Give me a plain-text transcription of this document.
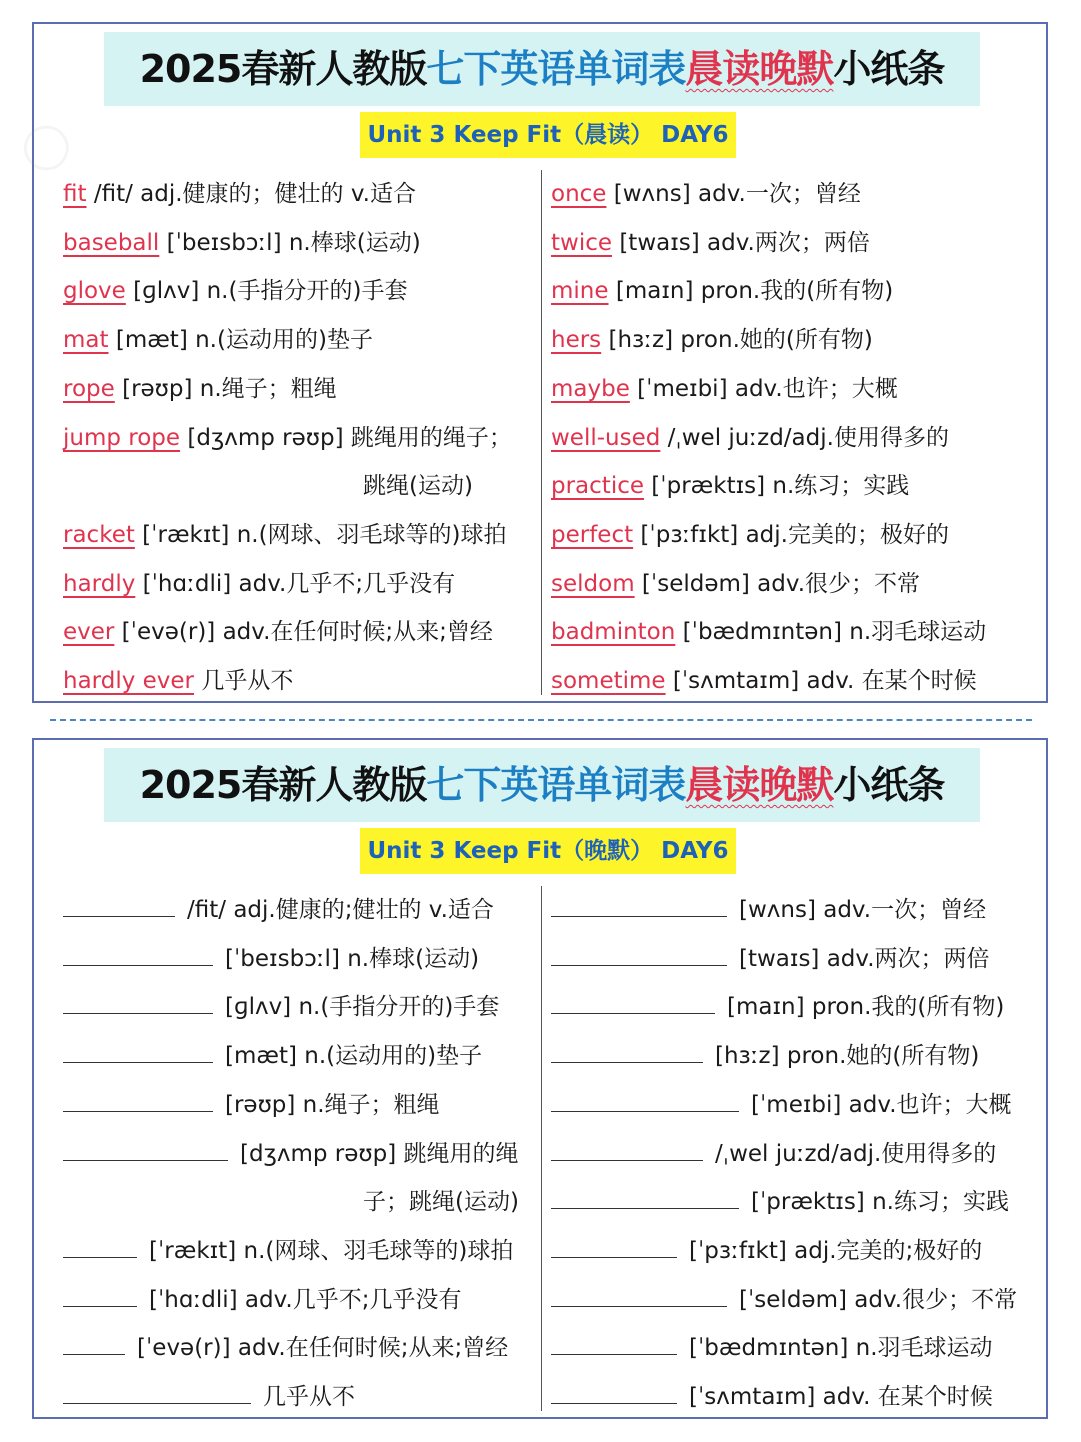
2025春新人教版七下英语单词表晨读晚默小纸条
Unit 3 Keep Fit（晨读） DAY6
fit /fit/ adj.健康的；健壮的 v.适合
baseball [ˈbeɪsbɔːl] n.棒球(运动)
glove [ɡlʌv] n.(手指分开的)手套
mat [mæt] n.(运动用的)垫子
rope [rəʊp] n.绳子；粗绳
jump rope [dʒʌmp rəʊp] 跳绳用的绳子；
跳绳(运动)
racket [ˈrækɪt] n.(网球、羽毛球等的)球拍
hardly [ˈhɑːdli] adv.几乎不;几乎没有
ever [ˈevə(r)] adv.在任何时候;从来;曾经
hardly ever 几乎从不
once [wʌns] adv.一次；曾经
twice [twaɪs] adv.两次；两倍
mine [maɪn] pron.我的(所有物)
hers [hɜːz] pron.她的(所有物)
maybe [ˈmeɪbi] adv.也许；大概
well-used /ˌwel juːzd/adj.使用得多的
practice [ˈpræktɪs] n.练习；实践
perfect [ˈpɜːfɪkt] adj.完美的；极好的
seldom [ˈseldəm] adv.很少；不常
badminton [ˈbædmɪntən] n.羽毛球运动
sometime [ˈsʌmtaɪm] adv. 在某个时候
2025春新人教版七下英语单词表晨读晚默小纸条
Unit 3 Keep Fit（晚默） DAY6
/fit/ adj.健康的;健壮的 v.适合
[ˈbeɪsbɔːl] n.棒球(运动)
[ɡlʌv] n.(手指分开的)手套
[mæt] n.(运动用的)垫子
[rəʊp] n.绳子；粗绳
[dʒʌmp rəʊp] 跳绳用的绳
子；跳绳(运动)
[ˈrækɪt] n.(网球、羽毛球等的)球拍
[ˈhɑːdli] adv.几乎不;几乎没有
[ˈevə(r)] adv.在任何时候;从来;曾经
几乎从不
[wʌns] adv.一次；曾经
[twaɪs] adv.两次；两倍
[maɪn] pron.我的(所有物)
[hɜːz] pron.她的(所有物)
[ˈmeɪbi] adv.也许；大概
/ˌwel juːzd/adj.使用得多的
[ˈpræktɪs] n.练习；实践
[ˈpɜːfɪkt] adj.完美的;极好的
[ˈseldəm] adv.很少；不常
[ˈbædmɪntən] n.羽毛球运动
[ˈsʌmtaɪm] adv. 在某个时候
